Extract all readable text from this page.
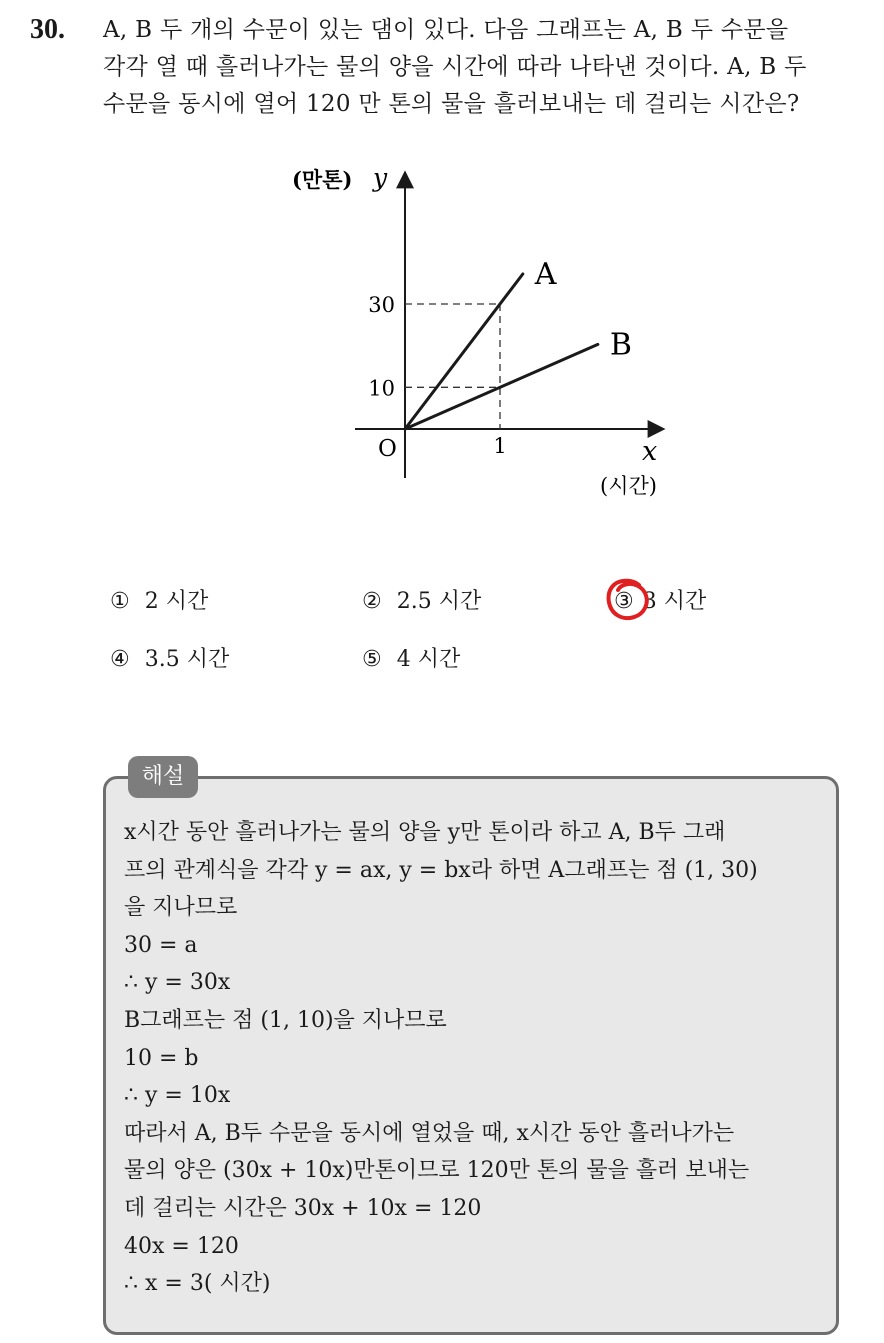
30. A, B 두 개의 수문이 있는 댐이 있다. 다음 그래프는 A, B 두 수문을
각각 열 때 흘러나가는 물의 양을 시간에 따라 나타낸 것이다. A, B 두
수문을 동시에 열어 120 만 톤의 물을 흘러보내는 데 걸리는 시간은?
A
B
(만톤) y
O	x
(시간)
10
30
1
① 2 시간	② 2.5 시간	③ 3 시간
④ 3.5 시간	⑤ 4 시간
해설
x시간 동안 흘러나가는 물의 양을 y만 톤이라 하고 A, B두 그래
프의 관계식을 각각 y = ax, y = bx라 하면 A그래프는 점 (1, 30)
을 지나므로
30 = a
∴ y = 30x
B그래프는 점 (1, 10)을 지나므로
10 = b
∴ y = 10x
따라서 A, B두 수문을 동시에 열었을 때, x시간 동안 흘러나가는
물의 양은 (30x + 10x)만톤이므로 120만 톤의 물을 흘러 보내는
데 걸리는 시간은 30x + 10x = 120
40x = 120
∴ x = 3( 시간)
